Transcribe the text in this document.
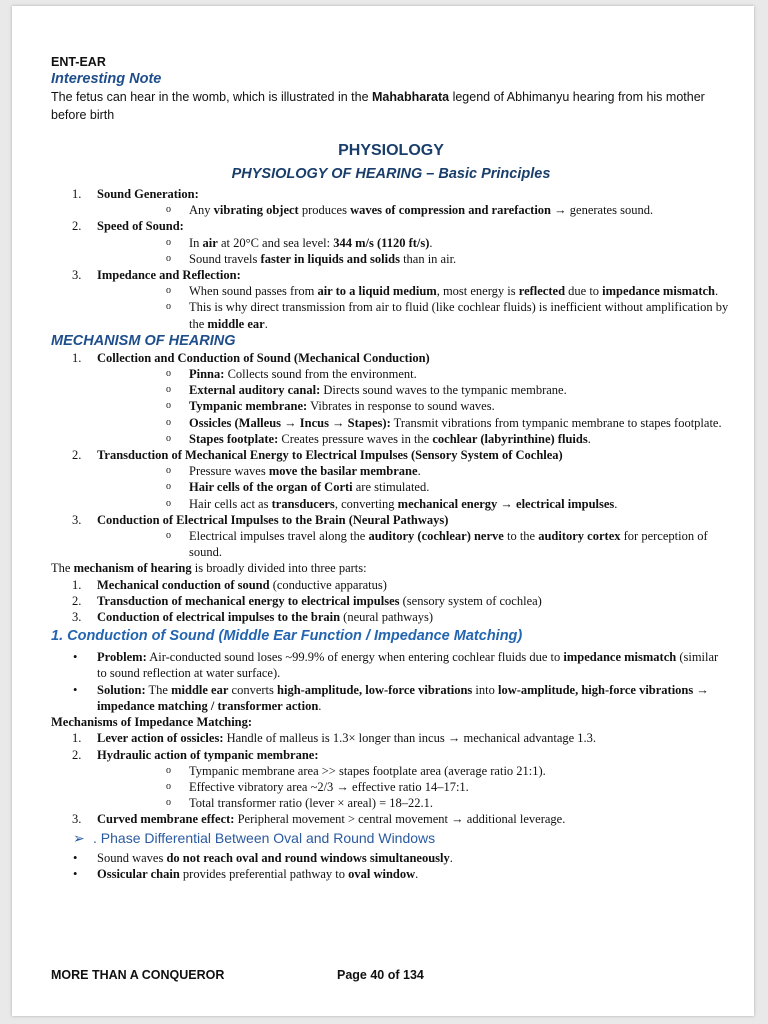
ENT-EAR

Interesting Note

The fetus can hear in the womb, which is illustrated in the Mahabharata legend of Abhimanyu hearing from his mother before birth

PHYSIOLOGY
PHYSIOLOGY OF HEARING – Basic Principles
1. Sound Generation:
o Any vibrating object produces waves of compression and rarefaction → generates sound.
2. Speed of Sound:
o In air at 20°C and sea level: 344 m/s (1120 ft/s).
o Sound travels faster in liquids and solids than in air.
3. Impedance and Reflection:
o When sound passes from air to a liquid medium, most energy is reflected due to impedance mismatch.
o This is why direct transmission from air to fluid (like cochlear fluids) is inefficient without amplification by the middle ear.

MECHANISM OF HEARING

1. Collection and Conduction of Sound (Mechanical Conduction)
o Pinna: Collects sound from the environment.
o External auditory canal: Directs sound waves to the tympanic membrane.
o Tympanic membrane: Vibrates in response to sound waves.
o Ossicles (Malleus → Incus → Stapes): Transmit vibrations from tympanic membrane to stapes footplate.
o Stapes footplate: Creates pressure waves in the cochlear (labyrinthine) fluids.
2. Transduction of Mechanical Energy to Electrical Impulses (Sensory System of Cochlea)
o Pressure waves move the basilar membrane.
o Hair cells of the organ of Corti are stimulated.
o Hair cells act as transducers, converting mechanical energy → electrical impulses.
3. Conduction of Electrical Impulses to the Brain (Neural Pathways)
o Electrical impulses travel along the auditory (cochlear) nerve to the auditory cortex for perception of sound.

The mechanism of hearing is broadly divided into three parts:

1. Mechanical conduction of sound (conductive apparatus)
2. Transduction of mechanical energy to electrical impulses (sensory system of cochlea)
3. Conduction of electrical impulses to the brain (neural pathways)

1. Conduction of Sound (Middle Ear Function / Impedance Matching)

• Problem: Air-conducted sound loses ~99.9% of energy when entering cochlear fluids due to impedance mismatch (similar to sound reflection at water surface).
• Solution: The middle ear converts high-amplitude, low-force vibrations into low-amplitude, high-force vibrations → impedance matching / transformer action.

Mechanisms of Impedance Matching:

1. Lever action of ossicles: Handle of malleus is 1.3× longer than incus → mechanical advantage 1.3.
2. Hydraulic action of tympanic membrane:
o Tympanic membrane area >> stapes footplate area (average ratio 21:1).
o Effective vibratory area ~2/3 → effective ratio 14–17:1.
o Total transformer ratio (lever × areal) = 18–22.1.
3. Curved membrane effect: Peripheral movement > central movement → additional leverage.
➢ . Phase Differential Between Oval and Round Windows
• Sound waves do not reach oval and round windows simultaneously.
• Ossicular chain provides preferential pathway to oval window.
MORE THAN A CONQUEROR	Page 40 of 134
